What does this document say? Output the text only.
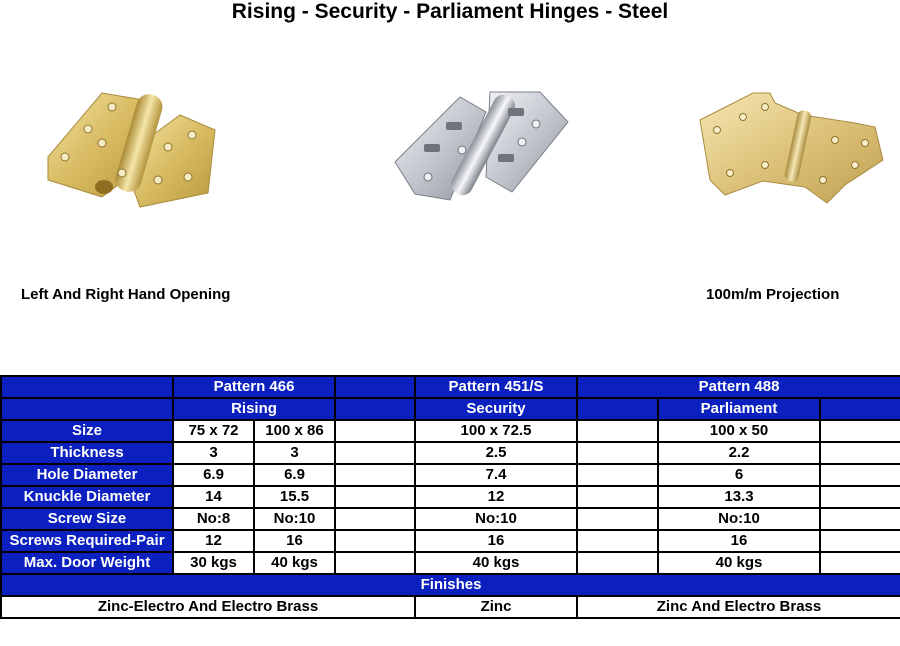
Rising - Security - Parliament Hinges - Steel
Left And Right Hand Opening	100m/m Projection
	Pattern 466			Pattern 451/S	Pattern 488		
	Rising			Security		Parliament	
Size	75 x 72	100 x 86		100 x 72.5		100 x 50	
Thickness	3	3		2.5		2.2	
Hole Diameter	6.9	6.9		7.4		6	
Knuckle Diameter	14	15.5		12		13.3	
Screw Size	No:8	No:10		No:10		No:10	
Screws Required-Pair	12	16		16		16	
Max. Door Weight	30 kgs	40 kgs		40 kgs		40 kgs	
Finishes							
Zinc-Electro And Electro Brass				Zinc	Zinc And Electro Brass		
